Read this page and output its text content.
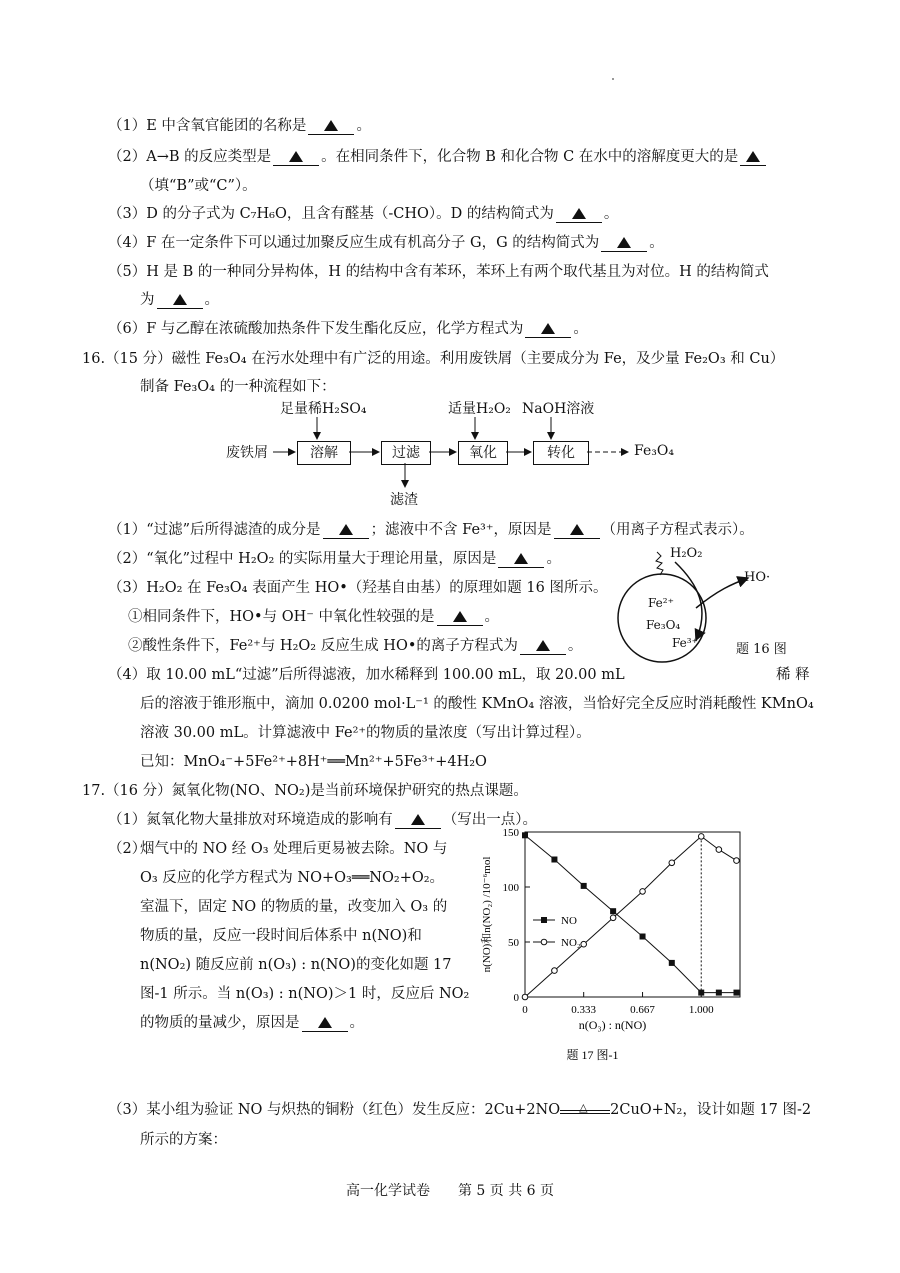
（1）E 中含氧官能团的名称是	。
（2）A→B 的反应类型是	。在相同条件下，化合物 B 和化合物 C 在水中的溶解度更大的是
（填“B”或“C”）。
（3）D 的分子式为 C₇H₆O，且含有醛基（-CHO）。D 的结构简式为	。
（4）F 在一定条件下可以通过加聚反应生成有机高分子 G，G 的结构简式为	。
（5）H 是 B 的一种同分异构体，H 的结构中含有苯环，苯环上有两个取代基且为对位。H 的结构简式
为	。
（6）F 与乙醇在浓硫酸加热条件下发生酯化反应，化学方程式为	。
16.（15 分）磁性 Fe₃O₄ 在污水处理中有广泛的用途。利用废铁屑（主要成分为 Fe，及少量 Fe₂O₃ 和 Cu）
制备 Fe₃O₄ 的一种流程如下：
足量稀H₂SO₄	适量H₂O₂ NaOH溶液
废铁屑	溶解	过滤	氧化	转化	Fe₃O₄
滤渣
（1）“过滤”后所得滤渣的成分是	；滤液中不含 Fe³⁺，原因是	（用离子方程式表示）。
（2）“氧化”过程中 H₂O₂ 的实际用量大于理论用量，原因是	。
（3）H₂O₂ 在 Fe₃O₄ 表面产生 HO•（羟基自由基）的原理如题 16 图所示。
①相同条件下，HO•与 OH⁻ 中氧化性较强的是	。
②酸性条件下，Fe²⁺与 H₂O₂ 反应生成 HO•的离子方程式为	。
H₂O₂
HO·
Fe²⁺
Fe₃O₄
Fe³⁺	题 16 图
（4）取 10.00 mL“过滤”后所得滤液，加水稀释到 100.00 mL，取 20.00 mL	稀 释
后的溶液于锥形瓶中，滴加 0.0200 mol·L⁻¹ 的酸性 KMnO₄ 溶液，当恰好完全反应时消耗酸性 KMnO₄
溶液 30.00 mL。计算滤液中 Fe²⁺的物质的量浓度（写出计算过程）。
已知：MnO₄⁻+5Fe²⁺+8H⁺══Mn²⁺+5Fe³⁺+4H₂O
17.（16 分）氮氧化物(NO、NO₂)是当前环境保护研究的热点课题。
（1）氮氧化物大量排放对环境造成的影响有	（写出一点）。
（2）
烟气中的 NO 经 O₃ 处理后更易被去除。NO 与
O₃ 反应的化学方程式为 NO+O₃══NO₂+O₂。
室温下，固定 NO 的物质的量，改变加入 O₃ 的
物质的量，反应一段时间后体系中 n(NO)和
n(NO₂) 随反应前 n(O₃) : n(NO)的变化如题 17
图-1 所示。当 n(O₃) : n(NO)＞1 时，反应后 NO₂
的物质的量减少，原因是	。
0
50
100
150
0	0.333	0.667	1.000
NO
NO₂
n(O₃) : n(NO)
n(NO)和n(NO₂) /10⁻⁶mol
题 17 图-1
（3）某小组为验证 NO 与炽热的铜粉（红色）发生反应：2Cu+2NO △ 2CuO+N₂，设计如题 17 图-2
所示的方案：
高一化学试卷　　第 5 页 共 6 页
